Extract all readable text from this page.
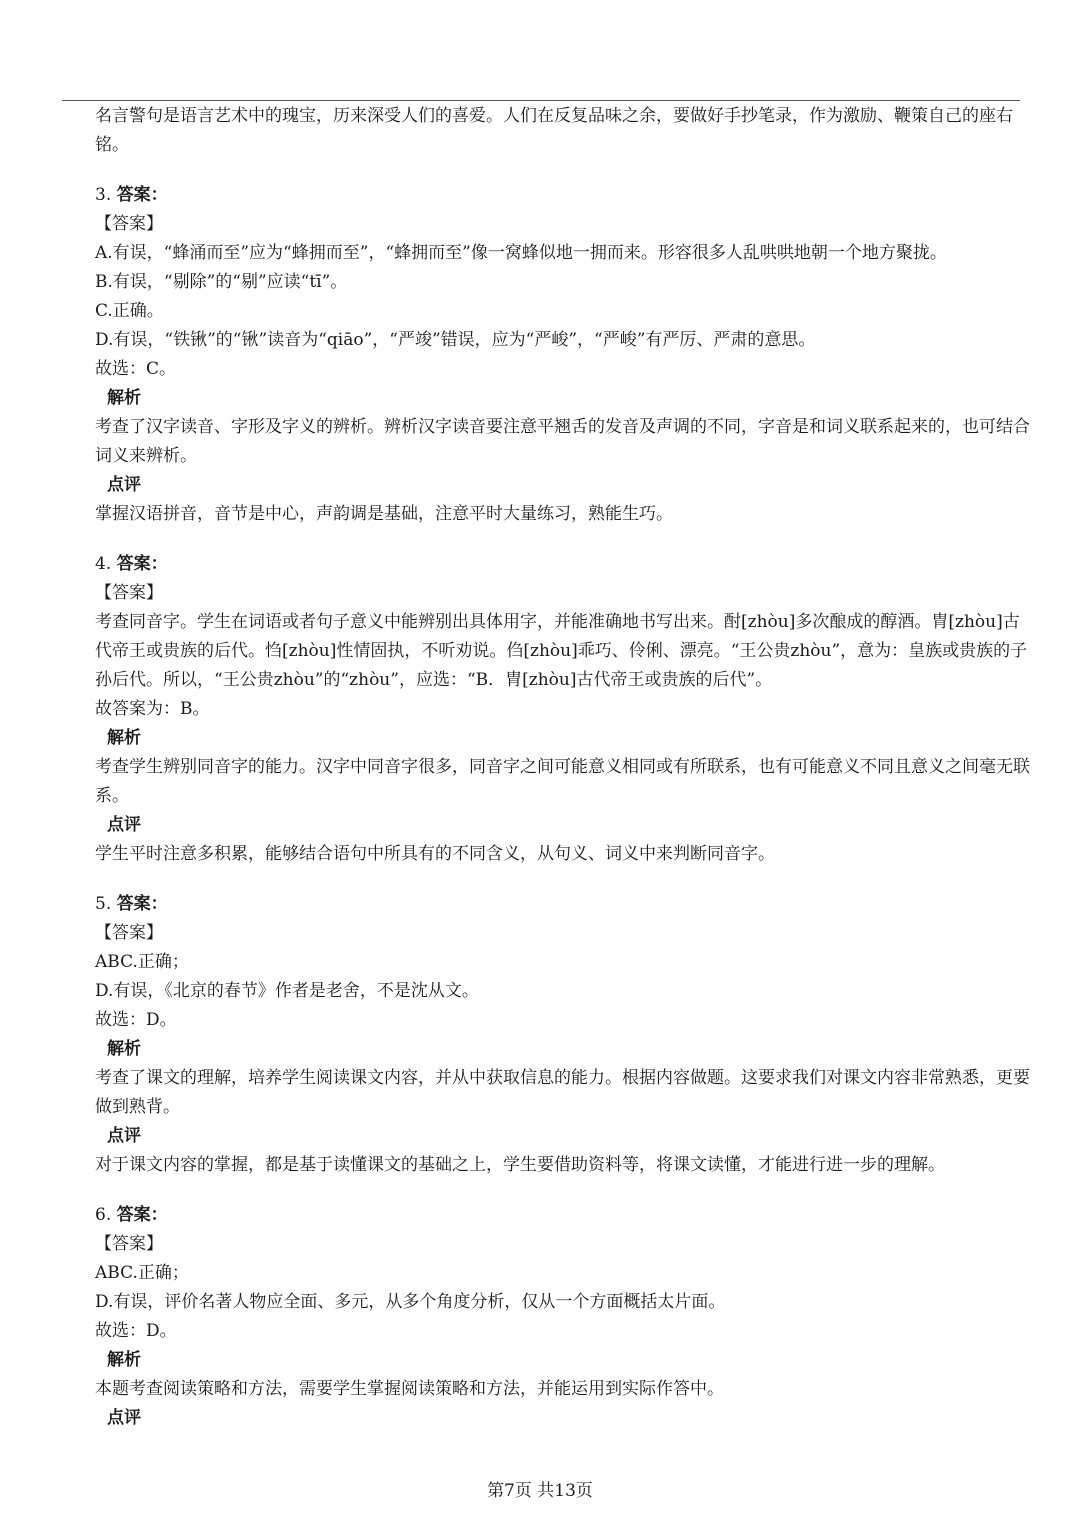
名言警句是语言艺术中的瑰宝，历来深受人们的喜爱。人们在反复品味之余，要做好手抄笔录，作为激励、鞭策自己的座右铭。

3. 答案：

【答案】

A.有误，“蜂涌而至”应为“蜂拥而至”，“蜂拥而至”像一窝蜂似地一拥而来。形容很多人乱哄哄地朝一个地方聚拢。

B.有误，“剔除”的“剔”应读“tī”。

C.正确。

D.有误，“铁锹”的“锹”读音为“qiāo”，“严竣”错误，应为“严峻”，“严峻”有严厉、严肃的意思。

故选：C。

解析

考查了汉字读音、字形及字义的辨析。辨析汉字读音要注意平翘舌的发音及声调的不同，字音是和词义联系起来的，也可结合词义来辨析。

点评

掌握汉语拼音，音节是中心，声韵调是基础，注意平时大量练习，熟能生巧。

4. 答案：

【答案】

考查同音字。学生在词语或者句子意义中能辨别出具体用字，并能准确地书写出来。酎[zhòu]多次酿成的醇酒。胄[zhòu]古代帝王或贵族的后代。㤘[zhòu]性情固执，不听劝说。㑇[zhòu]乖巧、伶俐、漂亮。“王公贵zhòu”，意为：皇族或贵族的子孙后代。所以，“王公贵zhòu”的“zhòu”，应选：“B．胄[zhòu]古代帝王或贵族的后代”。

故答案为：B。

解析

考查学生辨别同音字的能力。汉字中同音字很多，同音字之间可能意义相同或有所联系，也有可能意义不同且意义之间毫无联系。

点评

学生平时注意多积累，能够结合语句中所具有的不同含义，从句义、词义中来判断同音字。

5. 答案：

【答案】

ABC.正确；

D.有误，《北京的春节》作者是老舍，不是沈从文。

故选：D。

解析

考查了课文的理解，培养学生阅读课文内容，并从中获取信息的能力。根据内容做题。这要求我们对课文内容非常熟悉，更要做到熟背。

点评

对于课文内容的掌握，都是基于读懂课文的基础之上，学生要借助资料等，将课文读懂，才能进行进一步的理解。

6. 答案：

【答案】

ABC.正确；

D.有误，评价名著人物应全面、多元，从多个角度分析，仅从一个方面概括太片面。

故选：D。

解析

本题考查阅读策略和方法，需要学生掌握阅读策略和方法，并能运用到实际作答中。

点评

第7页 共13页
